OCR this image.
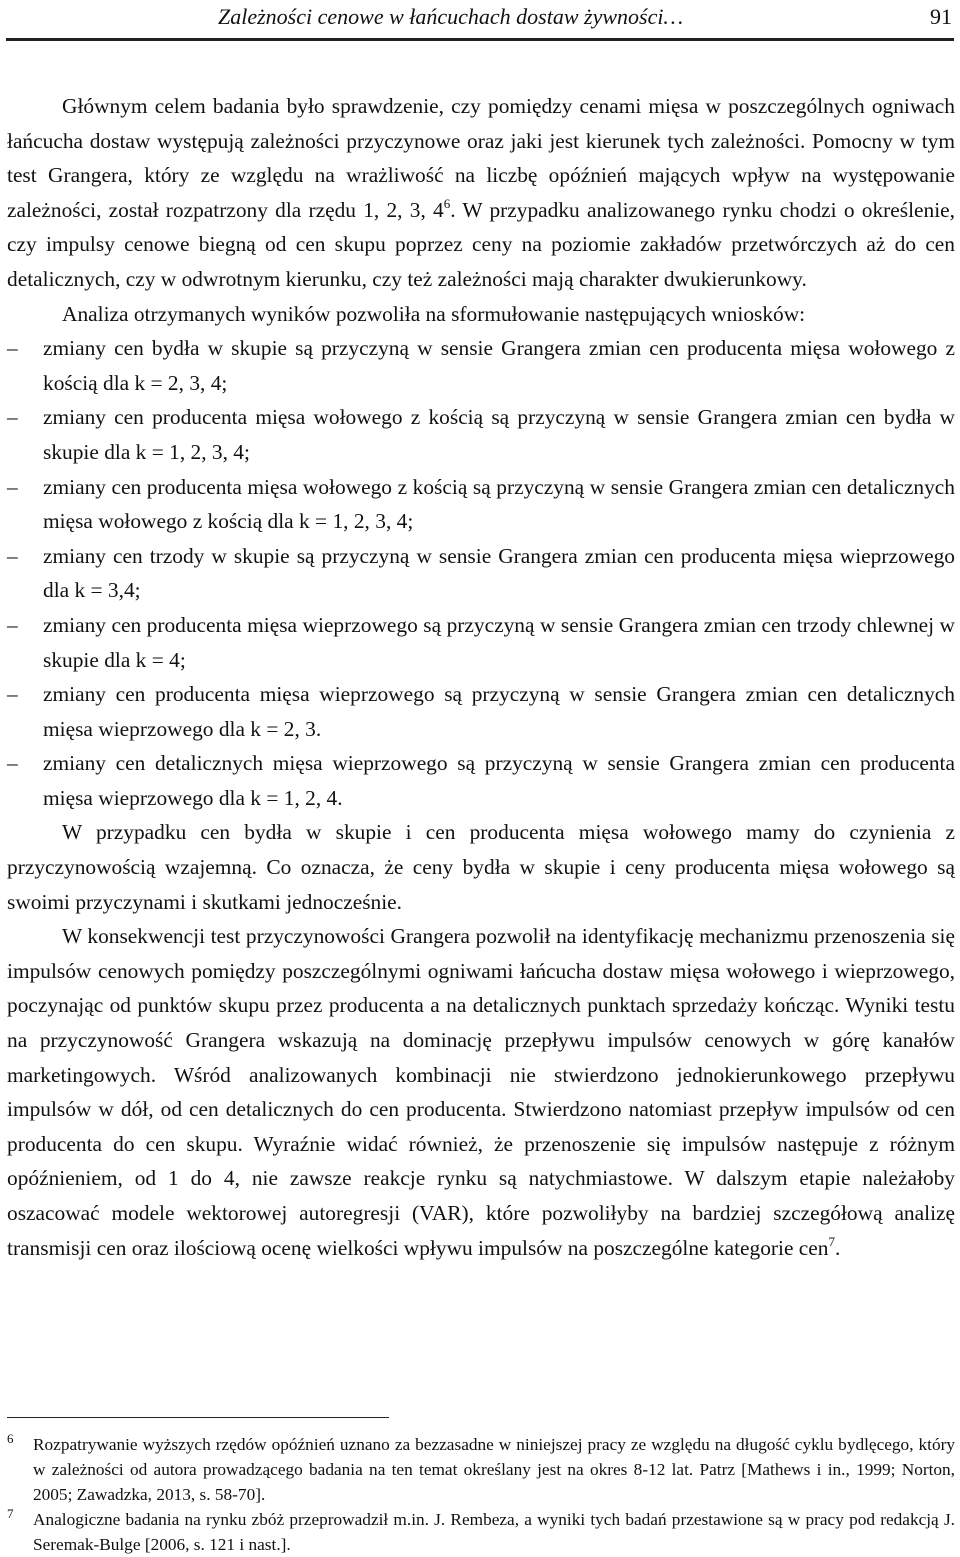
Zależności cenowe w łańcuchach dostaw żywności…	91

Głównym celem badania było sprawdzenie, czy pomiędzy cenami mięsa w poszczególnych ogniwach łańcucha dostaw występują zależności przyczynowe oraz jaki jest kierunek tych zależności. Pomocny w tym test Grangera, który ze względu na wrażliwość na liczbę opóźnień mających wpływ na występowanie zależności, został rozpatrzony dla rzędu 1, 2, 3, $4^6$. W przypadku analizowanego rynku chodzi o określenie, czy impulsy cenowe biegną od cen skupu poprzez ceny na poziomie zakładów przetwórczych aż do cen detalicznych, czy w odwrotnym kierunku, czy też zależności mają charakter dwukierunkowy.

Analiza otrzymanych wyników pozwoliła na sformułowanie następujących wniosków:

– zmiany cen bydła w skupie są przyczyną w sensie Grangera zmian cen producenta mięsa wołowego z kością dla k = 2, 3, 4;
– zmiany cen producenta mięsa wołowego z kością są przyczyną w sensie Grangera zmian cen bydła w skupie dla k = 1, 2, 3, 4;
– zmiany cen producenta mięsa wołowego z kością są przyczyną w sensie Grangera zmian cen detalicznych mięsa wołowego z kością dla k = 1, 2, 3, 4;
– zmiany cen trzody w skupie są przyczyną w sensie Grangera zmian cen producenta mięsa wieprzowego dla k = 3,4;
– zmiany cen producenta mięsa wieprzowego są przyczyną w sensie Grangera zmian cen trzody chlewnej w skupie dla k = 4;
– zmiany cen producenta mięsa wieprzowego są przyczyną w sensie Grangera zmian cen detalicznych mięsa wieprzowego dla k = 2, 3.
– zmiany cen detalicznych mięsa wieprzowego są przyczyną w sensie Grangera zmian cen producenta mięsa wieprzowego dla k = 1, 2, 4.

W przypadku cen bydła w skupie i cen producenta mięsa wołowego mamy do czynienia z przyczynowością wzajemną. Co oznacza, że ceny bydła w skupie i ceny producenta mięsa wołowego są swoimi przyczynami i skutkami jednocześnie.

W konsekwencji test przyczynowości Grangera pozwolił na identyfikację mechanizmu przenoszenia się impulsów cenowych pomiędzy poszczególnymi ogniwami łańcucha dostaw mięsa wołowego i wieprzowego, poczynając od punktów skupu przez producenta a na detalicznych punktach sprzedaży kończąc. Wyniki testu na przyczynowość Grangera wskazują na dominację przepływu impulsów cenowych w górę kanałów marketingowych. Wśród analizowanych kombinacji nie stwierdzono jednokierunkowego przepływu impulsów w dół, od cen detalicznych do cen producenta. Stwierdzono natomiast przepływ impulsów od cen producenta do cen skupu. Wyraźnie widać również, że przenoszenie się impulsów następuje z różnym opóźnieniem, od 1 do 4, nie zawsze reakcje rynku są natychmiastowe. W dalszym etapie należałoby oszacować modele wektorowej autoregresji (VAR), które pozwoliłyby na bardziej szczegółową analizę transmisji cen oraz ilościową ocenę wielkości wpływu impulsów na poszczególne kategorie cen$^7$.

6 Rozpatrywanie wyższych rzędów opóźnień uznano za bezzasadne w niniejszej pracy ze względu na długość cyklu bydlęcego, który w zależności od autora prowadzącego badania na ten temat określany jest na okres 8-12 lat. Patrz [Mathews i in., 1999; Norton, 2005; Zawadzka, 2013, s. 58-70].
7 Analogiczne badania na rynku zbóż przeprowadził m.in. J. Rembeza, a wyniki tych badań przestawione są w pracy pod redakcją J. Seremak-Bulge [2006, s. 121 i nast.].
